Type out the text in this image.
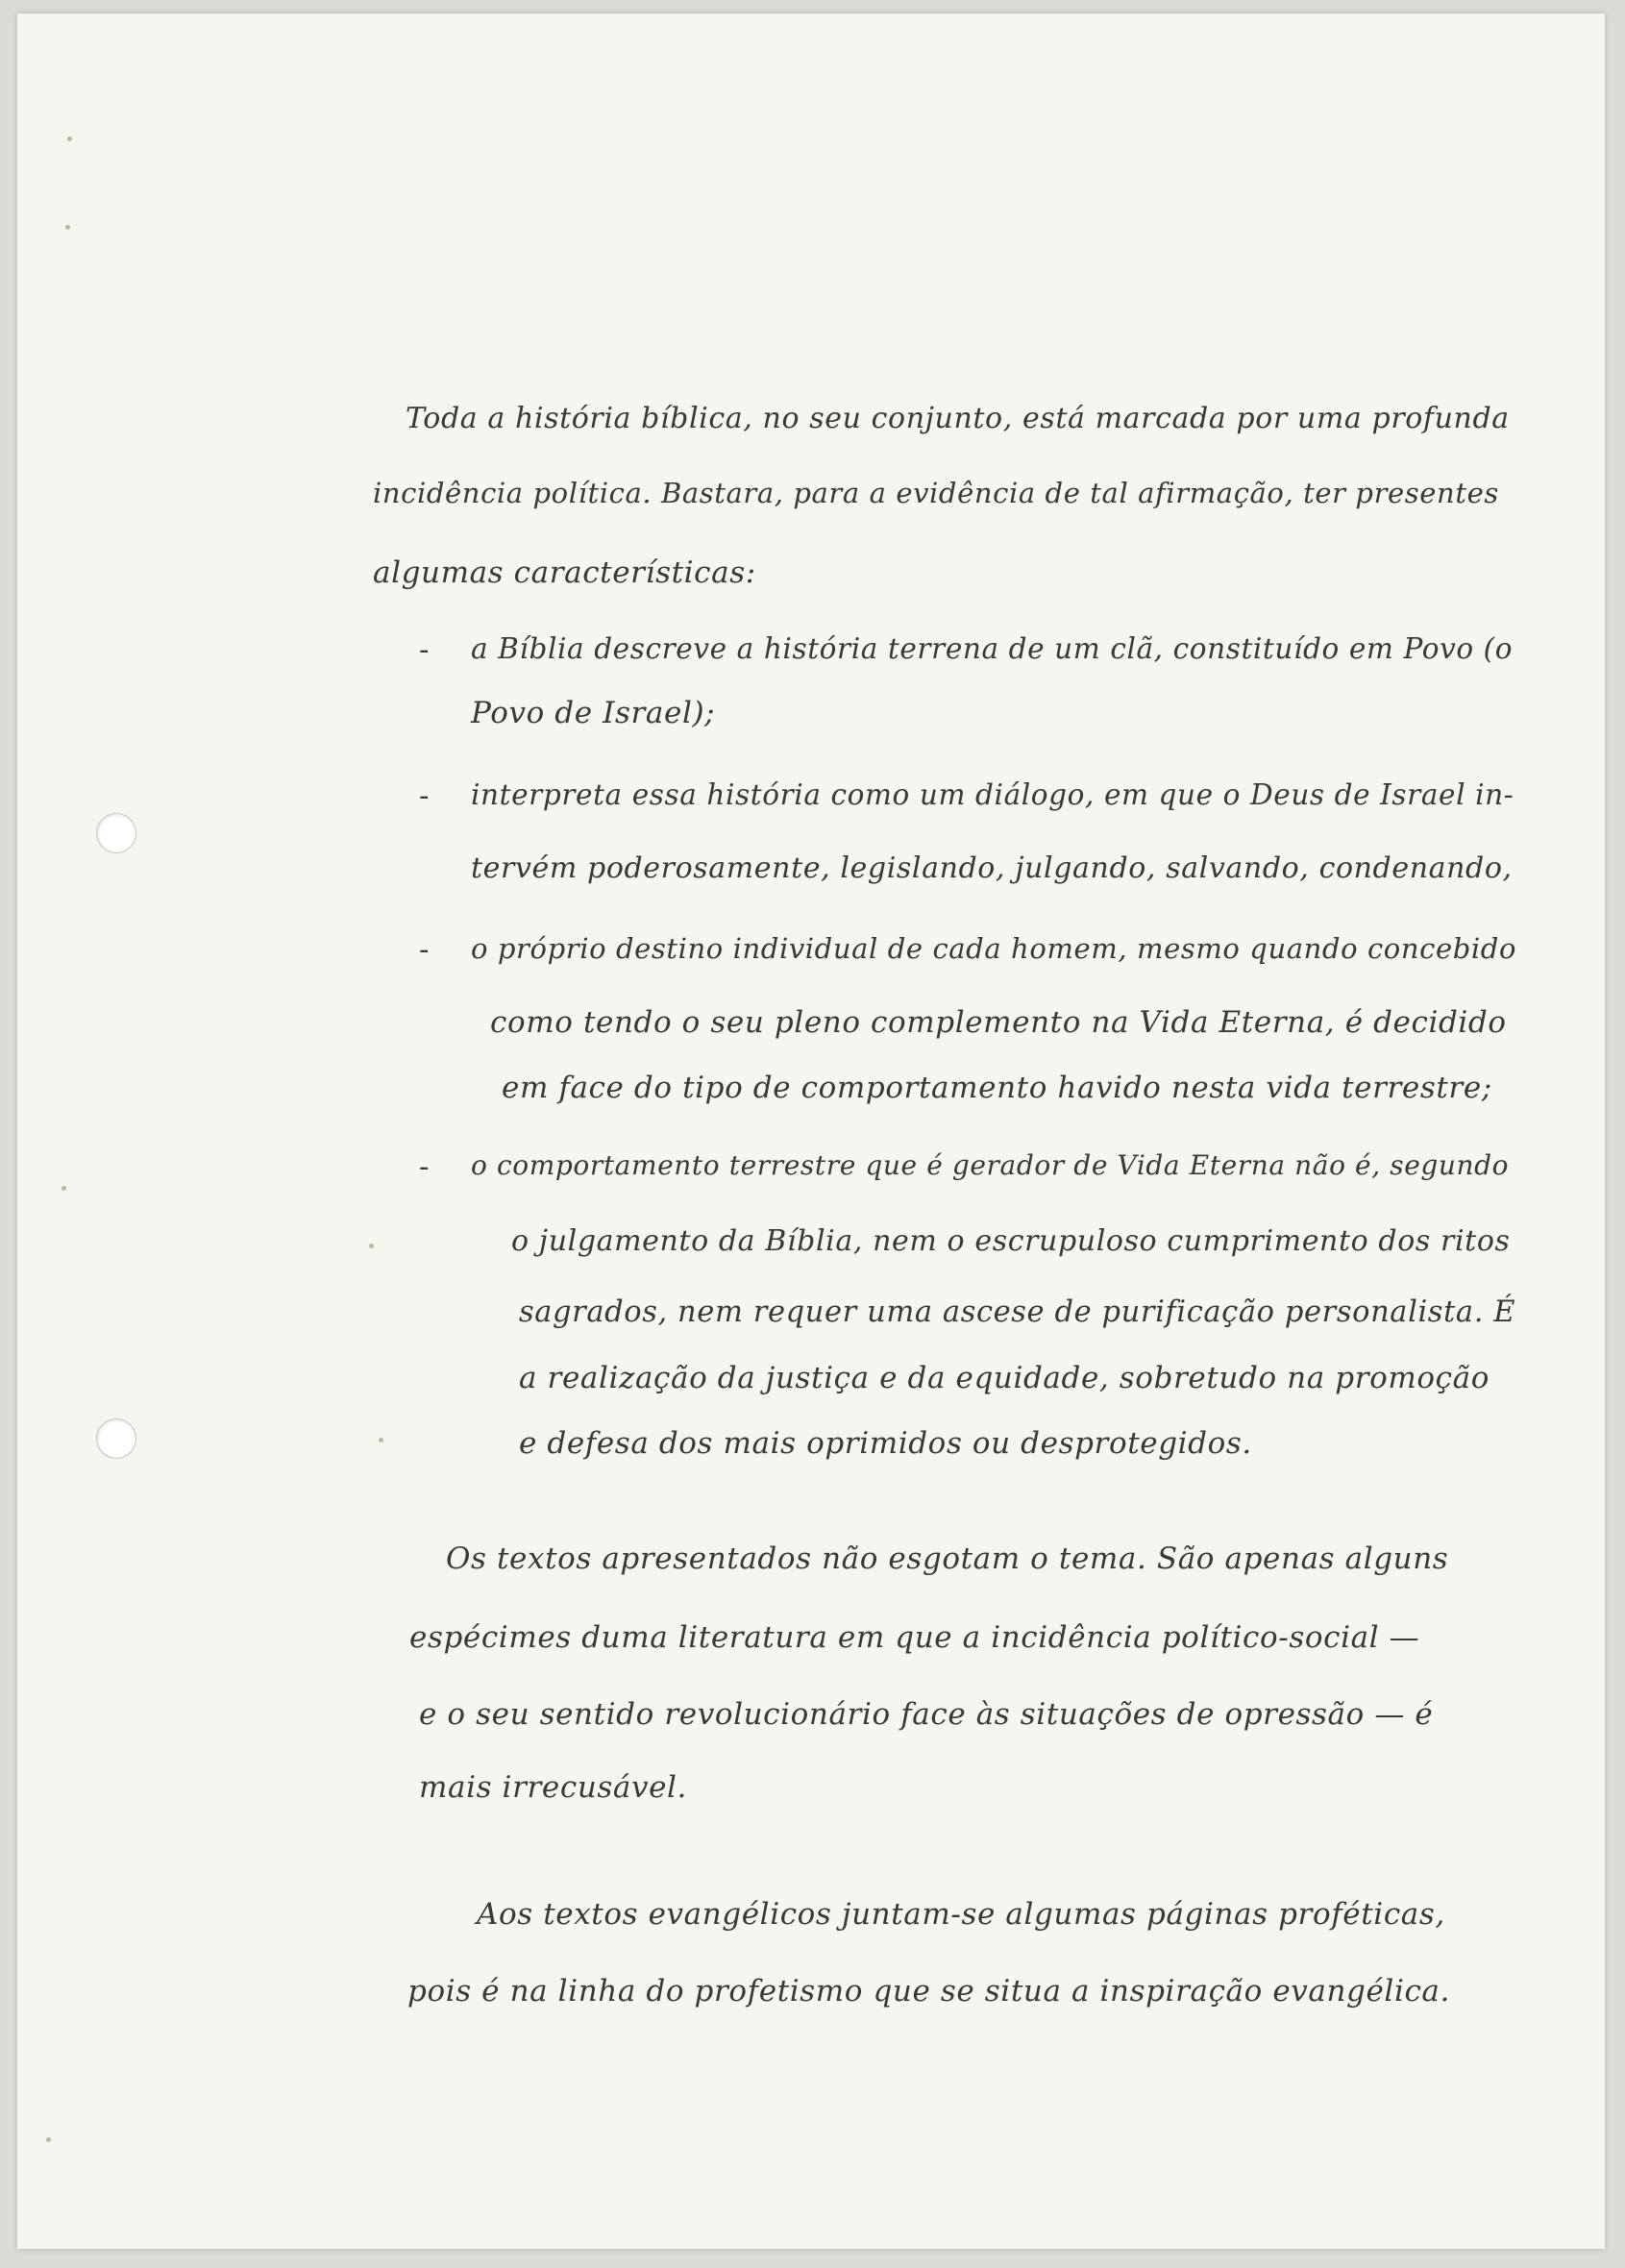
Toda a história bíblica, no seu conjunto, está marcada por uma profunda
incidência política. Bastara, para a evidência de tal afirmação, ter presentes
algumas características:
- a Bíblia descreve a história terrena de um clã, constituído em Povo (o
Povo de Israel);
- interpreta essa história como um diálogo, em que o Deus de Israel in-
tervém poderosamente, legislando, julgando, salvando, condenando,
- o próprio destino individual de cada homem, mesmo quando concebido
como tendo o seu pleno complemento na Vida Eterna, é decidido
em face do tipo de comportamento havido nesta vida terrestre;
- o comportamento terrestre que é gerador de Vida Eterna não é, segundo
o julgamento da Bíblia, nem o escrupuloso cumprimento dos ritos
sagrados, nem requer uma ascese de purificação personalista. É
a realização da justiça e da equidade, sobretudo na promoção
e defesa dos mais oprimidos ou desprotegidos.
Os textos apresentados não esgotam o tema. São apenas alguns
espécimes duma literatura em que a incidência político-social —
e o seu sentido revolucionário face às situações de opressão — é
mais irrecusável.
Aos textos evangélicos juntam-se algumas páginas proféticas,
pois é na linha do profetismo que se situa a inspiração evangélica.
